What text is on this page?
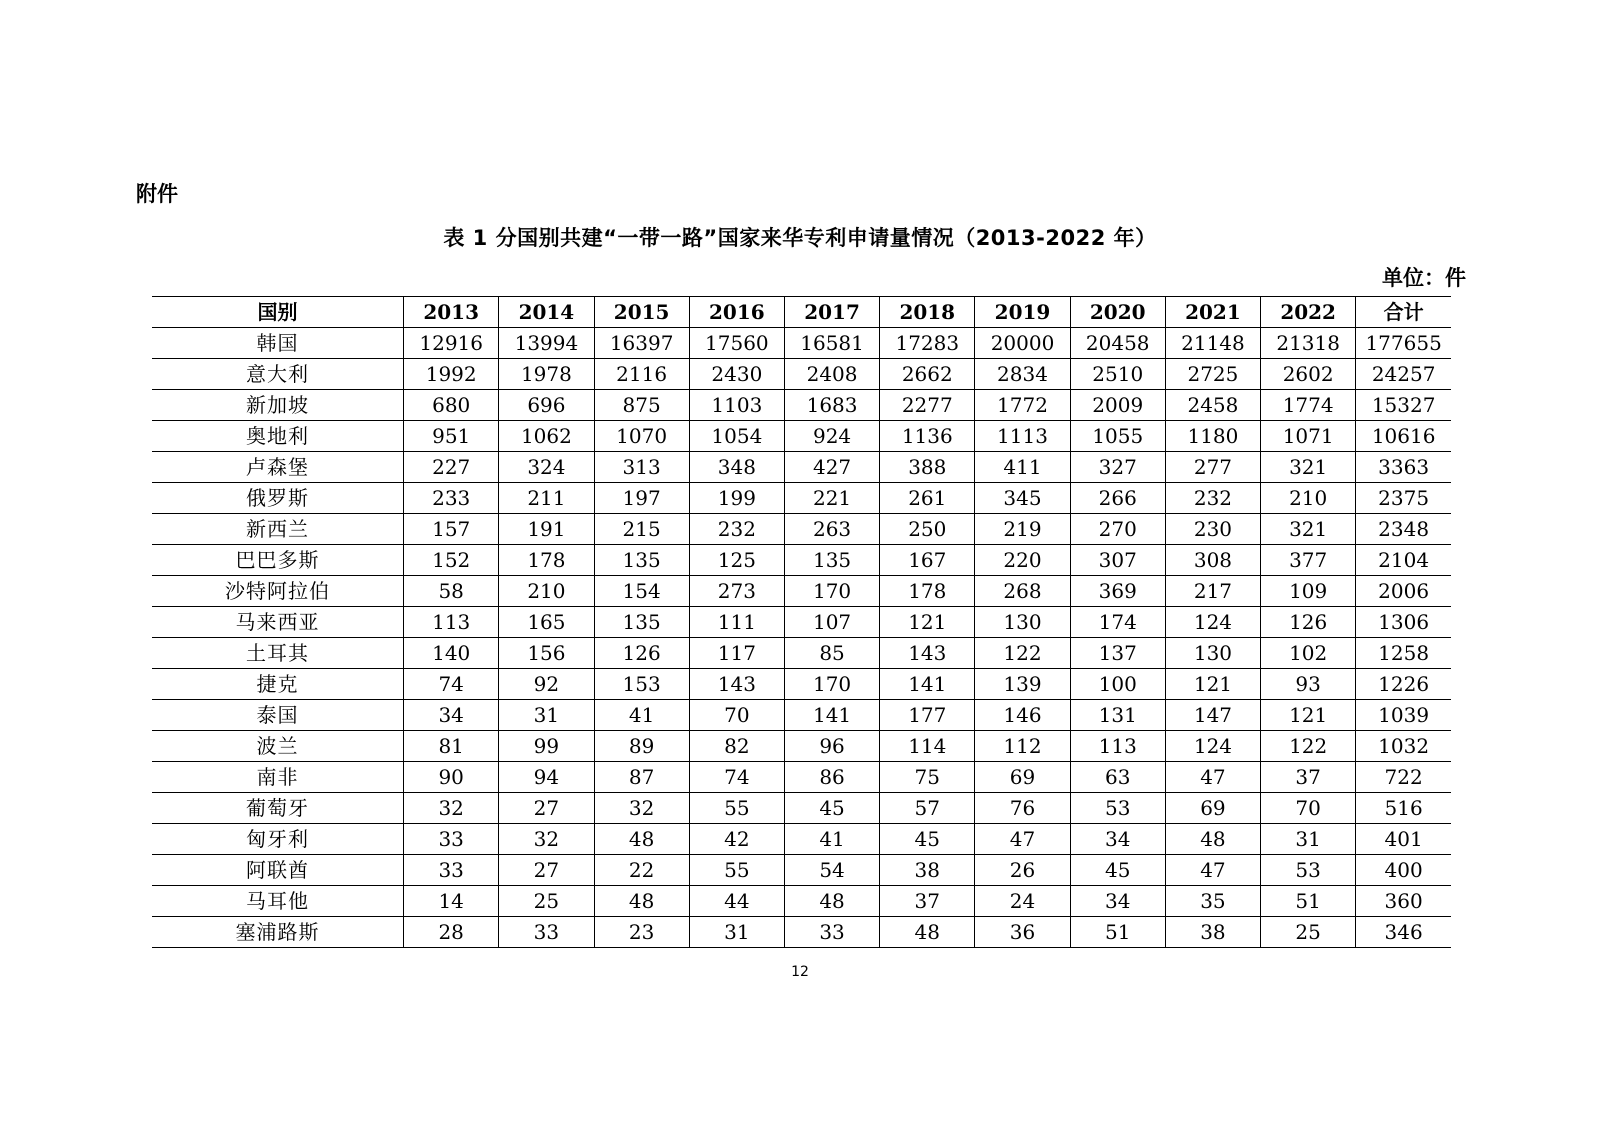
附件
表 1 分国别共建“一带一路”国家来华专利申请量情况（2013-2022 年）
单位：件
国别	2013	2014	2015	2016	2017	2018	2019	2020	2021	2022	合计
韩国	12916	13994	16397	17560	16581	17283	20000	20458	21148	21318	177655
意大利	1992	1978	2116	2430	2408	2662	2834	2510	2725	2602	24257
新加坡	680	696	875	1103	1683	2277	1772	2009	2458	1774	15327
奥地利	951	1062	1070	1054	924	1136	1113	1055	1180	1071	10616
卢森堡	227	324	313	348	427	388	411	327	277	321	3363
俄罗斯	233	211	197	199	221	261	345	266	232	210	2375
新西兰	157	191	215	232	263	250	219	270	230	321	2348
巴巴多斯	152	178	135	125	135	167	220	307	308	377	2104
沙特阿拉伯	58	210	154	273	170	178	268	369	217	109	2006
马来西亚	113	165	135	111	107	121	130	174	124	126	1306
土耳其	140	156	126	117	85	143	122	137	130	102	1258
捷克	74	92	153	143	170	141	139	100	121	93	1226
泰国	34	31	41	70	141	177	146	131	147	121	1039
波兰	81	99	89	82	96	114	112	113	124	122	1032
南非	90	94	87	74	86	75	69	63	47	37	722
葡萄牙	32	27	32	55	45	57	76	53	69	70	516
匈牙利	33	32	48	42	41	45	47	34	48	31	401
阿联酋	33	27	22	55	54	38	26	45	47	53	400
马耳他	14	25	48	44	48	37	24	34	35	51	360
塞浦路斯	28	33	23	31	33	48	36	51	38	25	346
12
